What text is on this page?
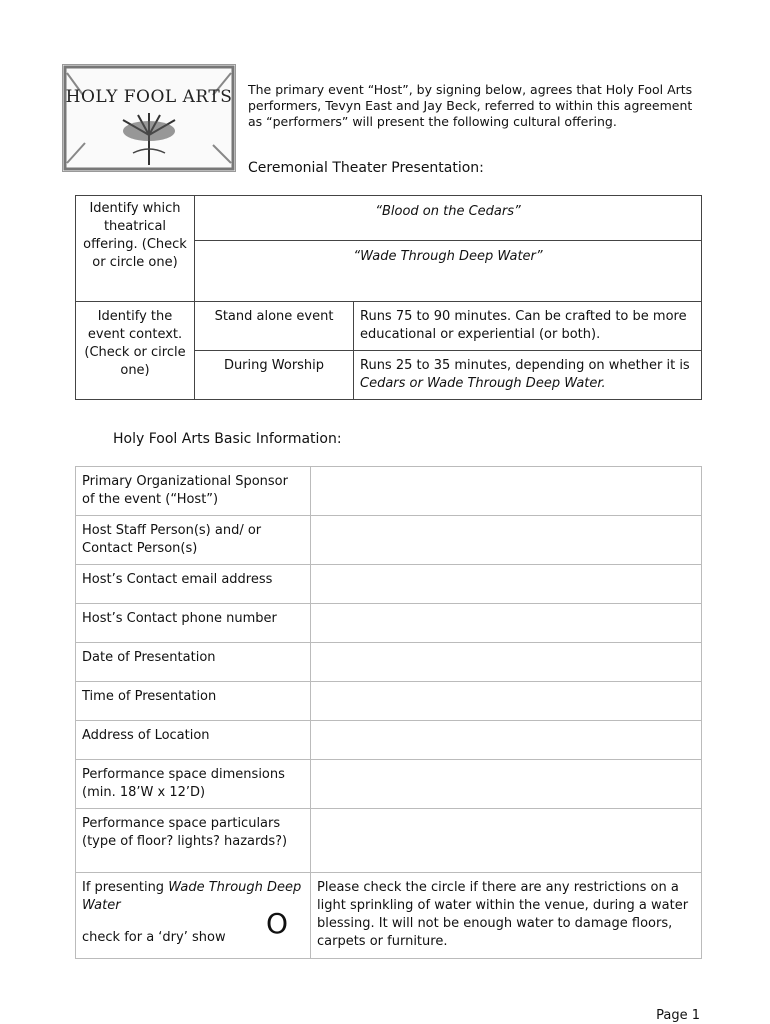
HOLY FOOL ARTS The primary event “Host”, by signing below, agrees that Holy Fool Arts performers, Tevyn East and Jay Beck, referred to within this agreement as “performers” will present the following cultural offering.
Ceremonial Theater Presentation:
Identify which theatrical offering. (Check or circle one)	“Blood on the Cedars”	
	“Wade Through Deep Water”	
Identify the event context. (Check or circle one)	Stand alone event	Runs 75 to 90 minutes. Can be crafted to be more educational or experiential (or both).
	During Worship	Runs 25 to 35 minutes, depending on whether it is Cedars or Wade Through Deep Water.
Holy Fool Arts Basic Information:
Primary Organizational Sponsor of the event (“Host”)	
Host Staff Person(s) and/ or Contact Person(s)	
Host’s Contact email address	
Host’s Contact phone number	
Date of Presentation	
Time of Presentation	
Address of Location	

Performance space dimensions
(min. 18’W x 12’D)	

Performance space particulars
(type of floor? lights? hazards?)	

If presenting Wade Through Deep Water
check for a ‘dry’ show O	Please check the circle if there are any restrictions on a light sprinkling of water within the venue, during a water blessing. It will not be enough water to damage floors, carpets or furniture.
Page 1
